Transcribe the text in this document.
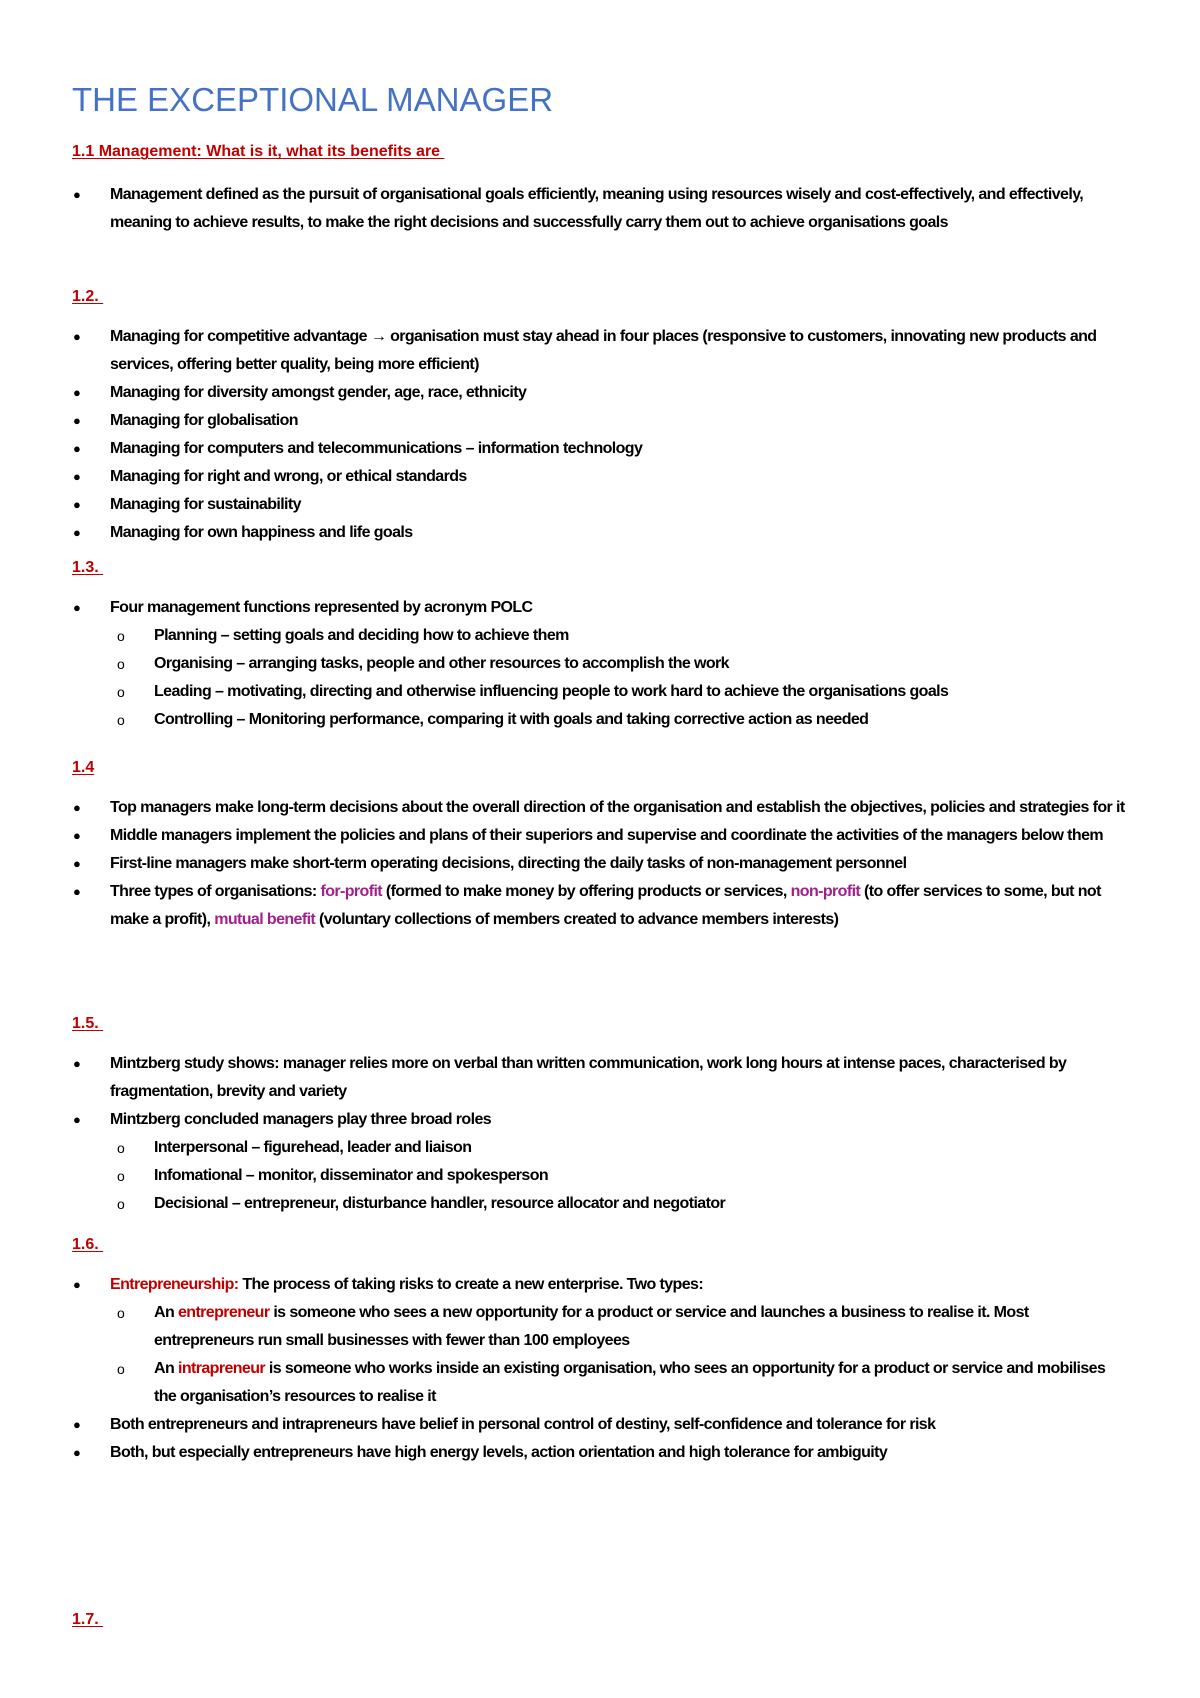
THE EXCEPTIONAL MANAGER

1.1 Management: What is it, what its benefits are

● Management defined as the pursuit of organisational goals efficiently, meaning using resources wisely and cost-effectively, and effectively, meaning to achieve results, to make the right decisions and successfully carry them out to achieve organisations goals

1.2.

● Managing for competitive advantage → organisation must stay ahead in four places (responsive to customers, innovating new products and services, offering better quality, being more efficient)
● Managing for diversity amongst gender, age, race, ethnicity
● Managing for globalisation
● Managing for computers and telecommunications – information technology
● Managing for right and wrong, or ethical standards
● Managing for sustainability
● Managing for own happiness and life goals

1.3.

● Four management functions represented by acronym POLC
o Planning – setting goals and deciding how to achieve them
o Organising – arranging tasks, people and other resources to accomplish the work
o Leading – motivating, directing and otherwise influencing people to work hard to achieve the organisations goals
o Controlling – Monitoring performance, comparing it with goals and taking corrective action as needed

1.4

● Top managers make long-term decisions about the overall direction of the organisation and establish the objectives, policies and strategies for it
● Middle managers implement the policies and plans of their superiors and supervise and coordinate the activities of the managers below them
● First-line managers make short-term operating decisions, directing the daily tasks of non-management personnel
● Three types of organisations: for-profit (formed to make money by offering products or services, non-profit (to offer services to some, but not make a profit), mutual benefit (voluntary collections of members created to advance members interests)

1.5.

● Mintzberg study shows: manager relies more on verbal than written communication, work long hours at intense paces, characterised by fragmentation, brevity and variety
● Mintzberg concluded managers play three broad roles
o Interpersonal – figurehead, leader and liaison
o Infomational – monitor, disseminator and spokesperson
o Decisional – entrepreneur, disturbance handler, resource allocator and negotiator

1.6.

● Entrepreneurship: The process of taking risks to create a new enterprise. Two types:
o An entrepreneur is someone who sees a new opportunity for a product or service and launches a business to realise it. Most entrepreneurs run small businesses with fewer than 100 employees
o An intrapreneur is someone who works inside an existing organisation, who sees an opportunity for a product or service and mobilises the organisation’s resources to realise it
● Both entrepreneurs and intrapreneurs have belief in personal control of destiny, self-confidence and tolerance for risk
● Both, but especially entrepreneurs have high energy levels, action orientation and high tolerance for ambiguity

1.7.
